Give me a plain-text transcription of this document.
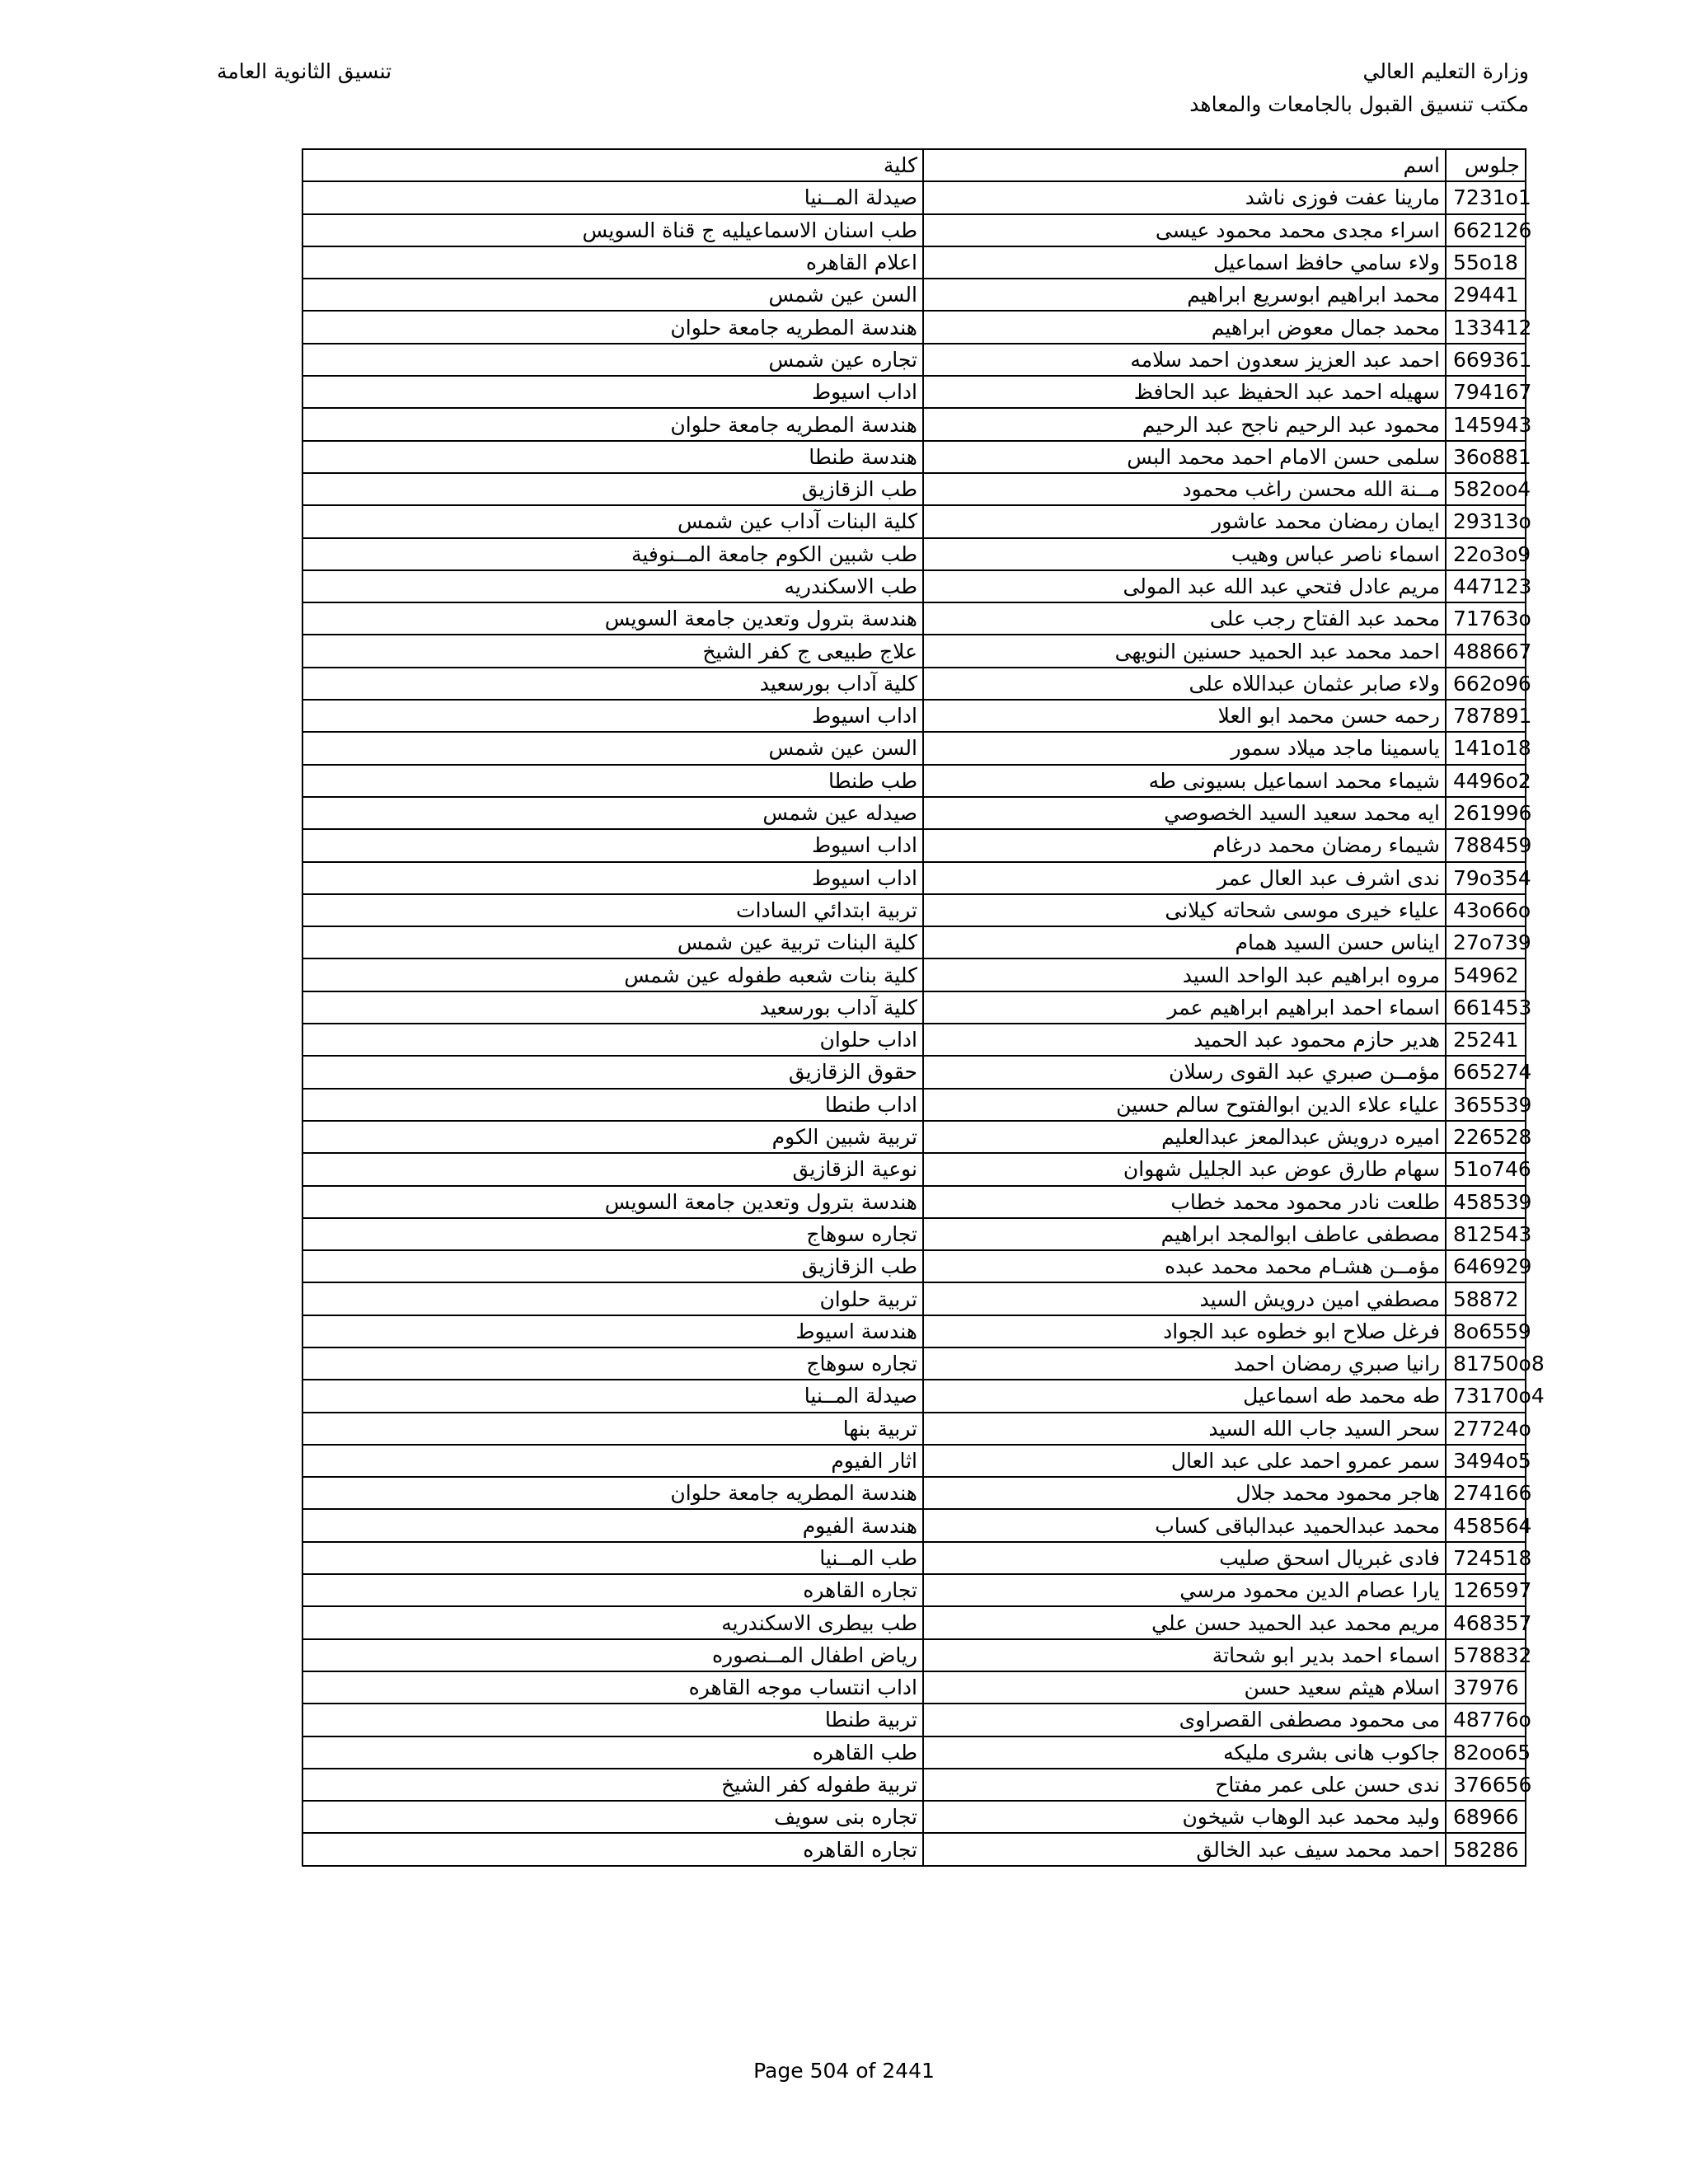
وزارة التعليم العالي
مكتب تنسيق القبول بالجامعات والمعاهد
تنسيق الثانوية العامة
جلوس	اسم	كلية
7231o1	مارينا عفت فوزى ناشد	صيدلة المــنيا
662126	اسراء مجدى محمد محمود عيسى	طب اسنان الاسماعيليه ج قناة السويس
55o18	ولاء سامي حافظ اسماعيل	اعلام القاهره
29441	محمد ابراهيم ابوسريع ابراهيم	السن عين شمس
133412	محمد جمال معوض ابراهيم	هندسة المطريه جامعة حلوان
669361	احمد عبد العزيز سعدون احمد سلامه	تجاره عين شمس
794167	سهيله احمد عبد الحفيظ عبد الحافظ	اداب اسيوط
145943	محمود عبد الرحيم ناجح عبد الرحيم	هندسة المطريه جامعة حلوان
36o881	سلمى حسن الامام احمد محمد البس	هندسة طنطا
582oo4	مــنة الله محسن راغب محمود	طب الزقازيق
29313o	ايمان رمضان محمد عاشور	كلية البنات آداب عين شمس
22o3o9	اسماء ناصر عباس وهيب	طب شبين الكوم جامعة المــنوفية
447123	مريم عادل فتحي عبد الله عبد المولى	طب الاسكندريه
71763o	محمد عبد الفتاح رجب على	هندسة بترول وتعدين جامعة السويس
488667	احمد محمد عبد الحميد حسنين النويهى	علاج طبيعى ج كفر الشيخ
662o96	ولاء صابر عثمان عبداللاه على	كلية آداب بورسعيد
787891	رحمه حسن محمد ابو العلا	اداب اسيوط
141o18	ياسمينا ماجد ميلاد سمور	السن عين شمس
4496o2	شيماء محمد اسماعيل بسيونى طه	طب طنطا
261996	ايه محمد سعيد السيد الخصوصي	صيدله عين شمس
788459	شيماء رمضان محمد درغام	اداب اسيوط
79o354	ندى اشرف عبد العال عمر	اداب اسيوط
43o66o	علياء خيرى موسى شحاته كيلانى	تربية ابتدائي السادات
27o739	ايناس حسن السيد همام	كلية البنات تربية عين شمس
54962	مروه ابراهيم عبد الواحد السيد	كلية بنات شعبه طفوله عين شمس
661453	اسماء احمد ابراهيم ابراهيم عمر	كلية آداب بورسعيد
25241	هدير حازم محمود عبد الحميد	اداب حلوان
665274	مؤمــن صبري عبد القوى رسلان	حقوق الزقازيق
365539	علياء علاء الدين ابوالفتوح سالم حسين	اداب طنطا
226528	اميره درويش عبدالمعز عبدالعليم	تربية شبين الكوم
51o746	سهام طارق عوض عبد الجليل شهوان	نوعية الزقازيق
458539	طلعت نادر محمود محمد خطاب	هندسة بترول وتعدين جامعة السويس
812543	مصطفى عاطف ابوالمجد ابراهيم	تجاره سوهاج
646929	مؤمــن هشـام محمد محمد عبده	طب الزقازيق
58872	مصطفي امين درويش السيد	تربية حلوان
8o6559	فرغل صلاح ابو خطوه عبد الجواد	هندسة اسيوط
81750o8	رانيا صبري رمضان احمد	تجاره سوهاج
73170o4	طه محمد طه اسماعيل	صيدلة المــنيا
27724o	سحر السيد جاب الله السيد	تربية بنها
3494o5	سمر عمرو احمد على عبد العال	اثار الفيوم
274166	هاجر محمود محمد جلال	هندسة المطريه جامعة حلوان
458564	محمد عبدالحميد عبدالباقى كساب	هندسة الفيوم
724518	فادى غبريال اسحق صليب	طب المــنيا
126597	يارا عصام الدين محمود مرسي	تجاره القاهره
468357	مريم محمد عبد الحميد حسن علي	طب بيطرى الاسكندريه
578832	اسماء احمد بدير ابو شحاتة	رياض اطفال المــنصوره
37976	اسلام هيثم سعيد حسن	اداب انتساب موجه القاهره
48776o	مى محمود مصطفى القصراوى	تربية طنطا
82oo65	جاكوب هانى بشرى مليكه	طب القاهره
376656	ندى حسن على عمر مفتاح	تربية طفوله كفر الشيخ
68966	وليد محمد عبد الوهاب شيخون	تجاره بنى سويف
58286	احمد محمد سيف عبد الخالق	تجاره القاهره
Page 504 of 2441
